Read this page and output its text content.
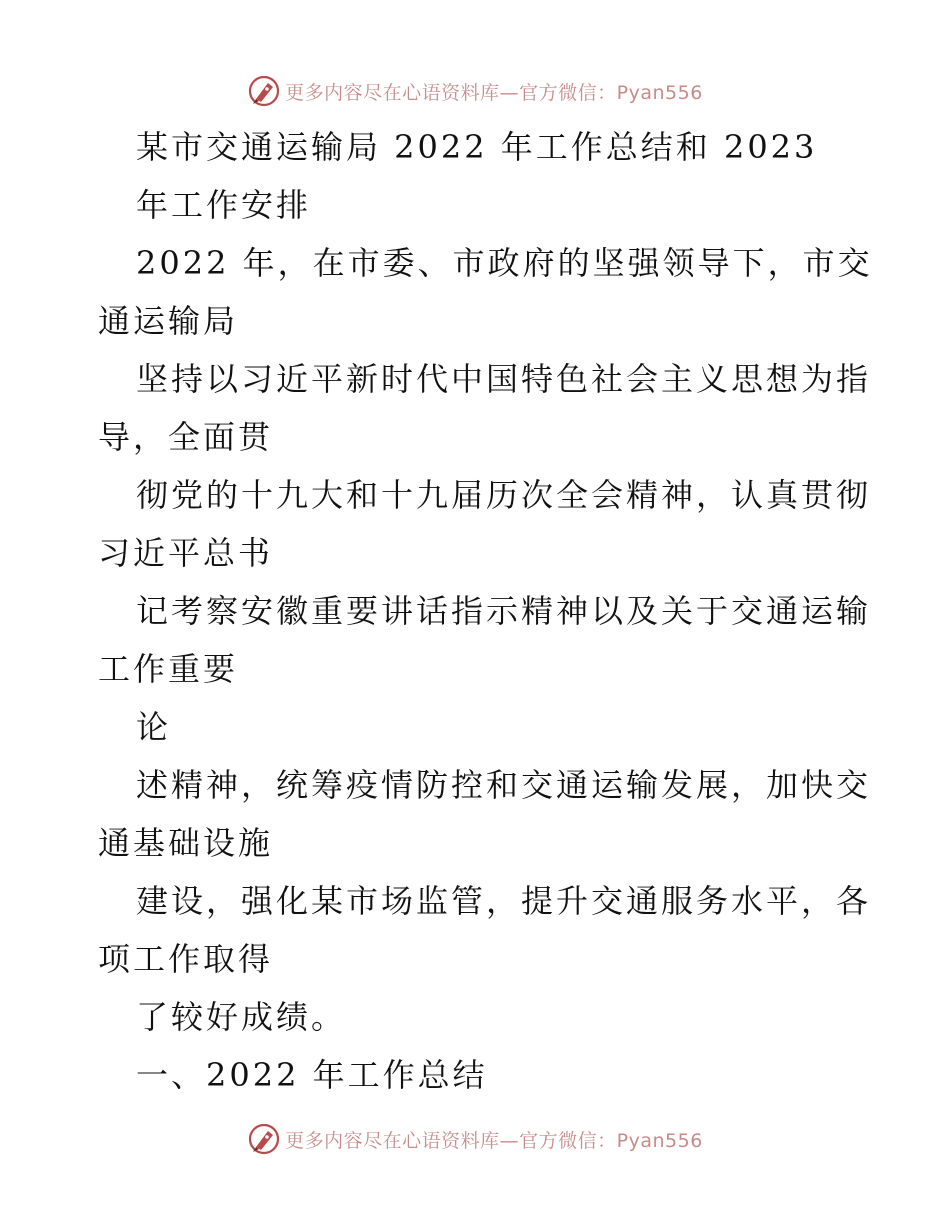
更多内容尽在心语资料库—官方微信：Pyan556
某市交通运输局 2022 年工作总结和 2023
年工作安排
2022 年，在市委、市政府的坚强领导下，市交
通运输局
坚持以习近平新时代中国特色社会主义思想为指
导，全面贯
彻党的十九大和十九届历次全会精神，认真贯彻
习近平总书
记考察安徽重要讲话指示精神以及关于交通运输
工作重要
论
述精神，统筹疫情防控和交通运输发展，加快交
通基础设施
建设，强化某市场监管，提升交通服务水平，各
项工作取得
了较好成绩。
一、2022 年工作总结
更多内容尽在心语资料库—官方微信：Pyan556
